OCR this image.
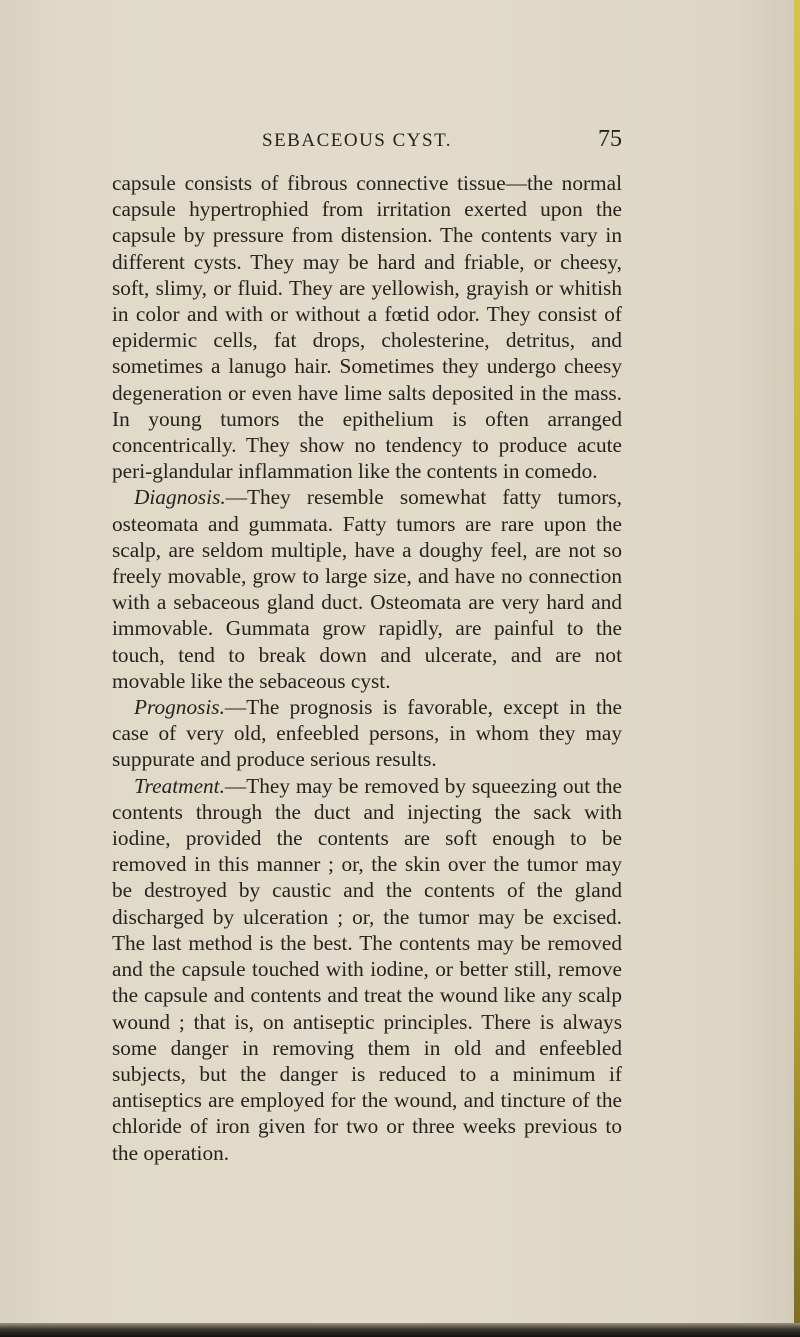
SEBACEOUS CYST.	75

capsule consists of fibrous connective tissue—the normal capsule hypertrophied from irritation exerted upon the capsule by pressure from distension. The contents vary in different cysts. They may be hard and friable, or cheesy, soft, slimy, or fluid. They are yellowish, grayish or whitish in color and with or without a fœtid odor. They consist of epidermic cells, fat drops, cholesterine, detritus, and sometimes a lanugo hair. Sometimes they undergo cheesy degeneration or even have lime salts deposited in the mass. In young tumors the epithelium is often arranged concentrically. They show no tendency to produce acute peri-glandular inflammation like the contents in comedo.

Diagnosis.—They resemble somewhat fatty tumors, osteomata and gummata. Fatty tumors are rare upon the scalp, are seldom multiple, have a doughy feel, are not so freely movable, grow to large size, and have no connection with a sebaceous gland duct. Osteomata are very hard and immovable. Gummata grow rapidly, are painful to the touch, tend to break down and ulcerate, and are not movable like the sebaceous cyst.

Prognosis.—The prognosis is favorable, except in the case of very old, enfeebled persons, in whom they may suppurate and produce serious results.

Treatment.—They may be removed by squeezing out the contents through the duct and injecting the sack with iodine, provided the contents are soft enough to be removed in this manner ; or, the skin over the tumor may be destroyed by caustic and the contents of the gland discharged by ulceration ; or, the tumor may be excised. The last method is the best. The contents may be removed and the capsule touched with iodine, or better still, remove the capsule and contents and treat the wound like any scalp wound ; that is, on antiseptic principles. There is always some danger in removing them in old and enfeebled subjects, but the danger is reduced to a minimum if antiseptics are employed for the wound, and tincture of the chloride of iron given for two or three weeks previous to the operation.
